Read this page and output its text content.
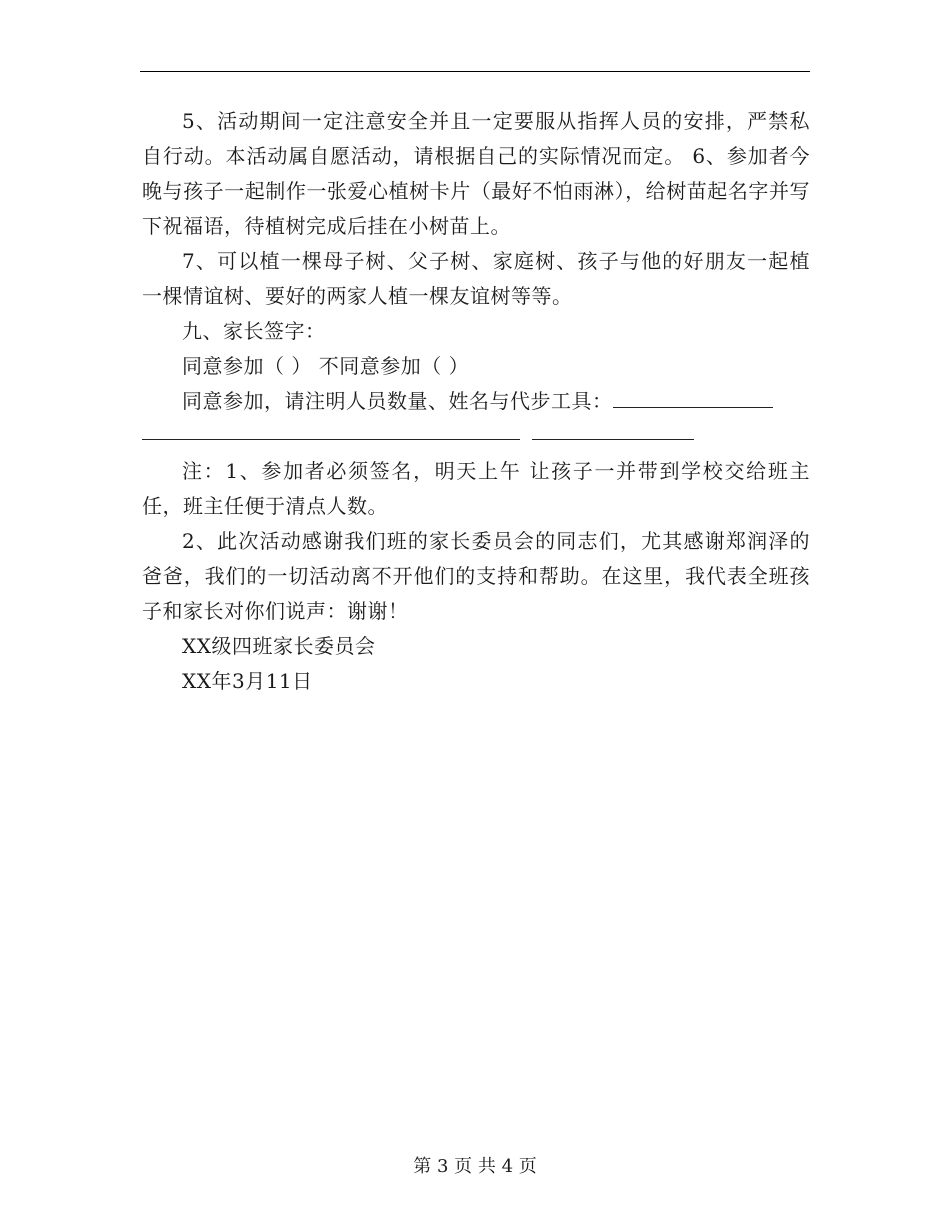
5、活动期间一定注意安全并且一定要服从指挥人员的安排，严禁私自行动。本活动属自愿活动，请根据自己的实际情况而定。 6、参加者今晚与孩子一起制作一张爱心植树卡片（最好不怕雨淋），给树苗起名字并写下祝福语，待植树完成后挂在小树苗上。

7、可以植一棵母子树、父子树、家庭树、孩子与他的好朋友一起植一棵情谊树、要好的两家人植一棵友谊树等等。

九、家长签字：

同意参加（ ） 不同意参加（ ）

同意参加，请注明人员数量、姓名与代步工具：

注：1、参加者必须签名，明天上午 让孩子一并带到学校交给班主任，班主任便于清点人数。

2、此次活动感谢我们班的家长委员会的同志们，尤其感谢郑润泽的爸爸，我们的一切活动离不开他们的支持和帮助。在这里，我代表全班孩子和家长对你们说声：谢谢！

XX级四班家长委员会

XX年3月11日

第 3 页 共 4 页
